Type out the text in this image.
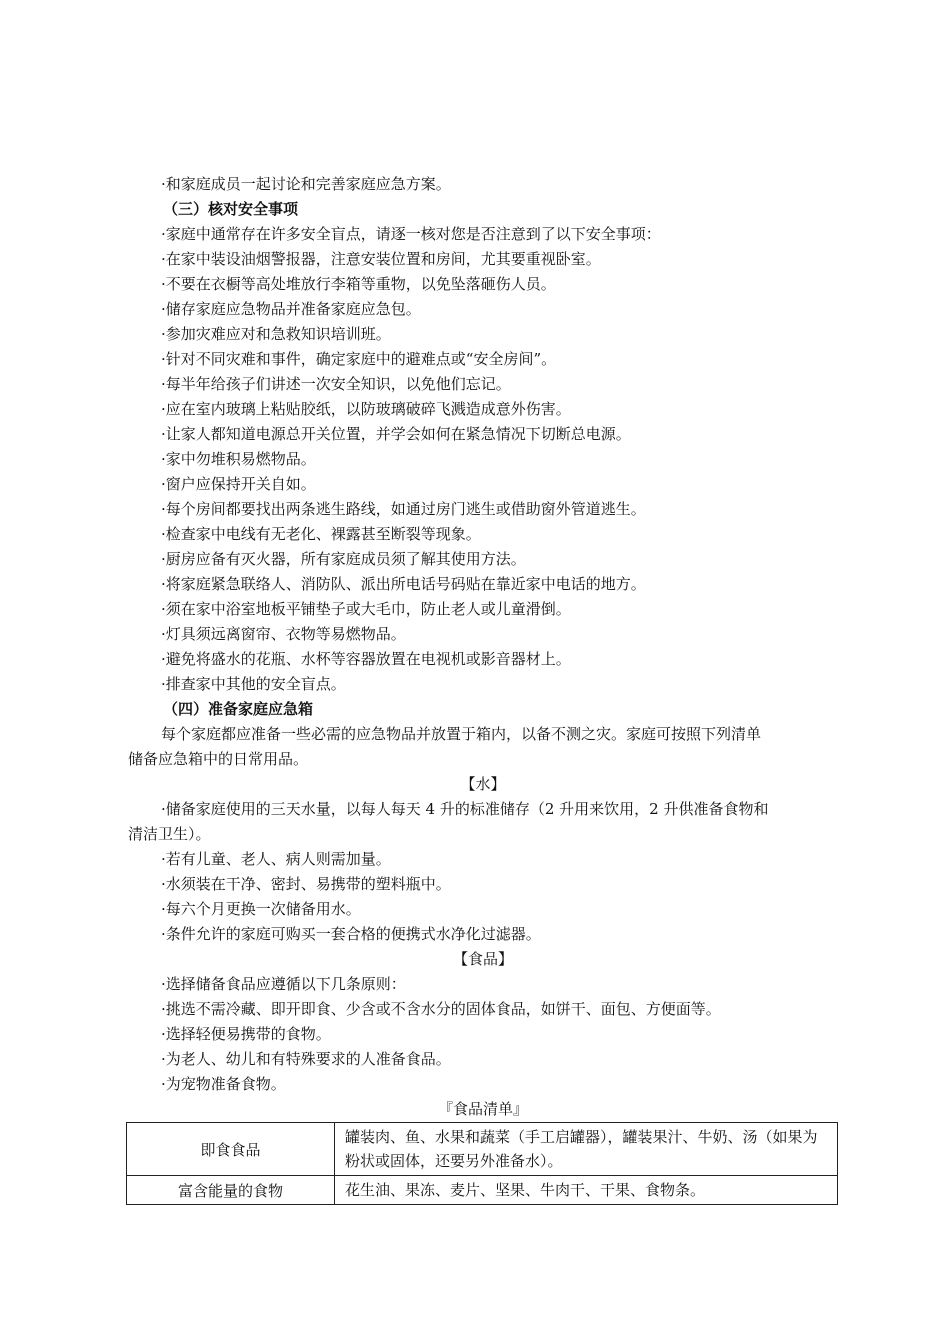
·和家庭成员一起讨论和完善家庭应急方案。
（三）核对安全事项
·家庭中通常存在许多安全盲点，请逐一核对您是否注意到了以下安全事项：
·在家中装设油烟警报器，注意安装位置和房间，尤其要重视卧室。
·不要在衣橱等高处堆放行李箱等重物，以免坠落砸伤人员。
·储存家庭应急物品并准备家庭应急包。
·参加灾难应对和急救知识培训班。
·针对不同灾难和事件，确定家庭中的避难点或“安全房间”。
·每半年给孩子们讲述一次安全知识，以免他们忘记。
·应在室内玻璃上粘贴胶纸，以防玻璃破碎飞溅造成意外伤害。
·让家人都知道电源总开关位置，并学会如何在紧急情况下切断总电源。
·家中勿堆积易燃物品。
·窗户应保持开关自如。
·每个房间都要找出两条逃生路线，如通过房门逃生或借助窗外管道逃生。
·检查家中电线有无老化、裸露甚至断裂等现象。
·厨房应备有灭火器，所有家庭成员须了解其使用方法。
·将家庭紧急联络人、消防队、派出所电话号码贴在靠近家中电话的地方。
·须在家中浴室地板平铺垫子或大毛巾，防止老人或儿童滑倒。
·灯具须远离窗帘、衣物等易燃物品。
·避免将盛水的花瓶、水杯等容器放置在电视机或影音器材上。
·排查家中其他的安全盲点。
（四）准备家庭应急箱
每个家庭都应准备一些必需的应急物品并放置于箱内，以备不测之灾。家庭可按照下列清单
储备应急箱中的日常用品。
【水】
·储备家庭使用的三天水量，以每人每天 4 升的标准储存（2 升用来饮用，2 升供准备食物和
清洁卫生）。
·若有儿童、老人、病人则需加量。
·水须装在干净、密封、易携带的塑料瓶中。
·每六个月更换一次储备用水。
·条件允许的家庭可购买一套合格的便携式水净化过滤器。
【食品】
·选择储备食品应遵循以下几条原则：
·挑选不需冷藏、即开即食、少含或不含水分的固体食品，如饼干、面包、方便面等。
·选择轻便易携带的食物。
·为老人、幼儿和有特殊要求的人准备食品。
·为宠物准备食物。
『食品清单』
即食食品	罐装肉、鱼、水果和蔬菜（手工启罐器），罐装果汁、牛奶、汤（如果为粉状或固体，还要另外准备水）。
富含能量的食物	花生油、果冻、麦片、坚果、牛肉干、干果、食物条。
